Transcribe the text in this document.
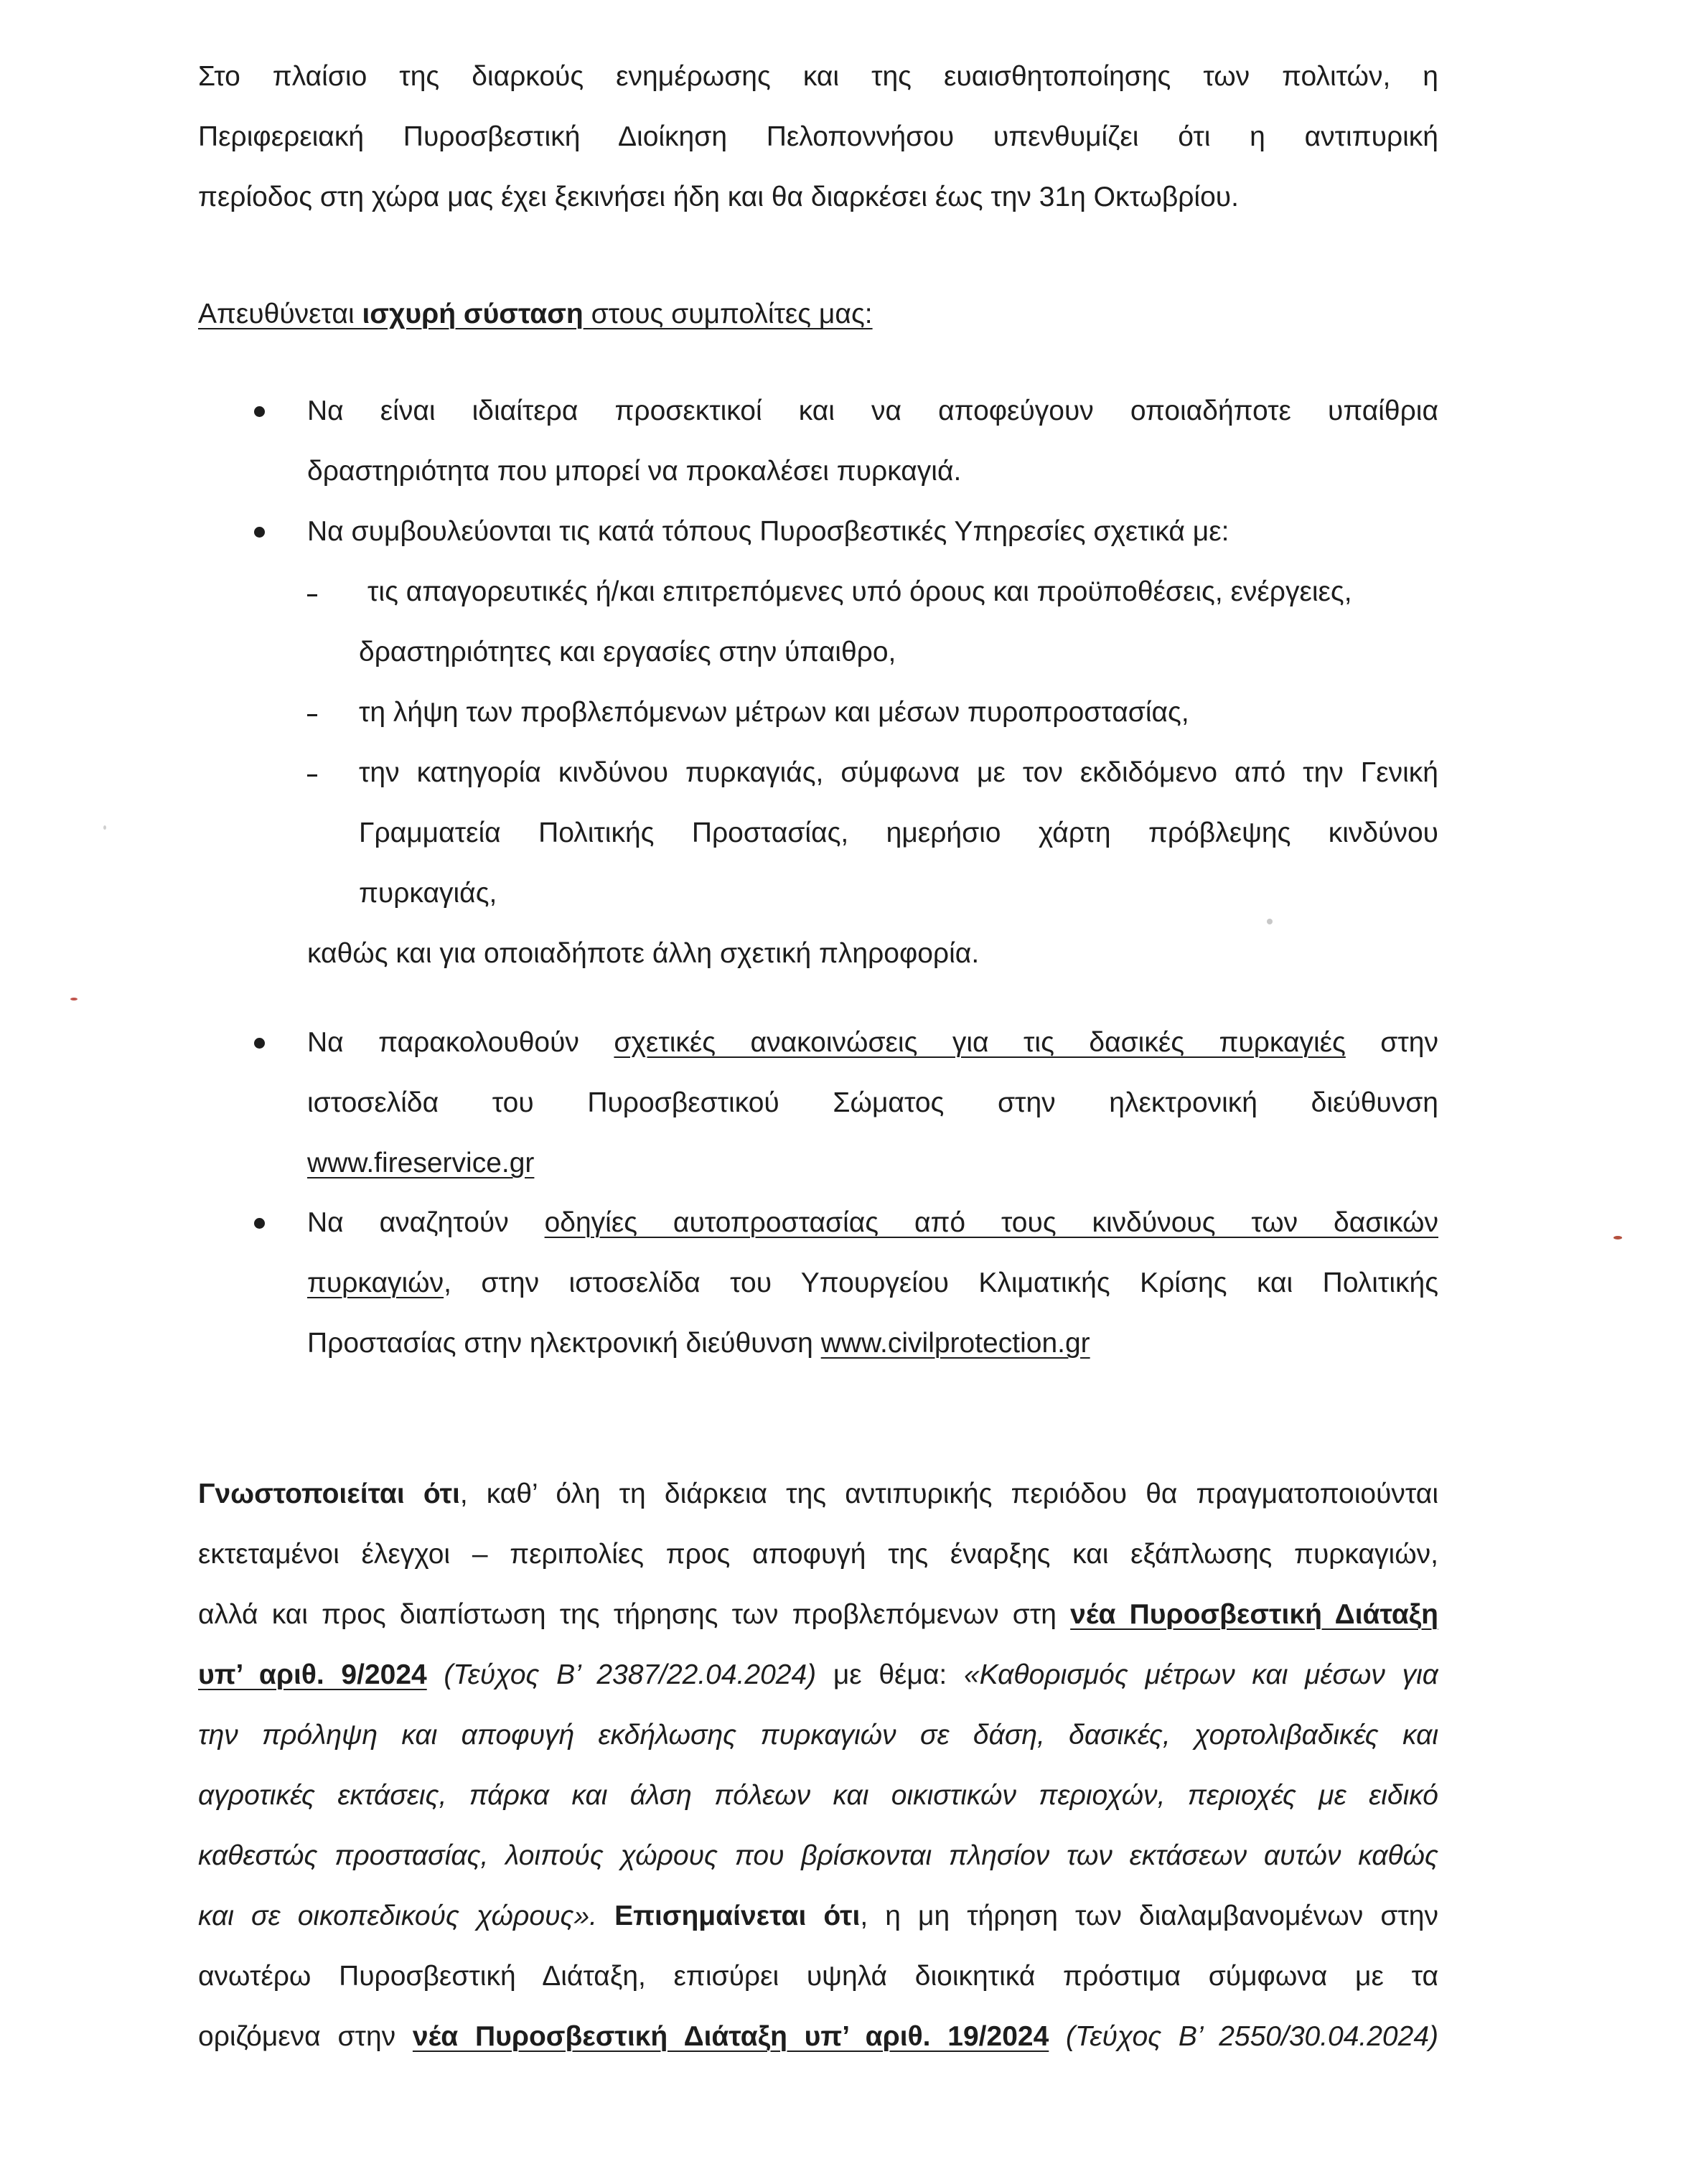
Στο πλαίσιο της διαρκούς ενημέρωσης και της ευαισθητοποίησης των πολιτών, η
Περιφερειακή Πυροσβεστική Διοίκηση Πελοποννήσου υπενθυμίζει ότι η αντιπυρική
περίοδος στη χώρα μας έχει ξεκινήσει ήδη και θα διαρκέσει έως την 31η Οκτωβρίου.
Απευθύνεται ισχυρή σύσταση στους συμπολίτες μας:
Να είναι ιδιαίτερα προσεκτικοί και να αποφεύγουν οποιαδήποτε υπαίθρια
δραστηριότητα που μπορεί να προκαλέσει πυρκαγιά.
Να συμβουλεύονται τις κατά τόπους Πυροσβεστικές Υπηρεσίες σχετικά με:
τις απαγορευτικές ή/και επιτρεπόμενες υπό όρους και προϋποθέσεις, ενέργειες,
δραστηριότητες και εργασίες στην ύπαιθρο,
τη λήψη των προβλεπόμενων μέτρων και μέσων πυροπροστασίας,
την κατηγορία κινδύνου πυρκαγιάς, σύμφωνα με τον εκδιδόμενο από την Γενική
Γραμματεία Πολιτικής Προστασίας, ημερήσιο χάρτη πρόβλεψης κινδύνου
πυρκαγιάς,
καθώς και για οποιαδήποτε άλλη σχετική πληροφορία.
Να παρακολουθούν σχετικές ανακοινώσεις για τις δασικές πυρκαγιές στην
ιστοσελίδα του Πυροσβεστικού Σώματος στην ηλεκτρονική διεύθυνση
www.fireservice.gr
Να αναζητούν οδηγίες αυτοπροστασίας από τους κινδύνους των δασικών
πυρκαγιών, στην ιστοσελίδα του Υπουργείου Κλιματικής Κρίσης και Πολιτικής
Προστασίας στην ηλεκτρονική διεύθυνση www.civilprotection.gr
Γνωστοποιείται ότι, καθ’ όλη τη διάρκεια της αντιπυρικής περιόδου θα πραγματοποιούνται
εκτεταμένοι έλεγχοι – περιπολίες προς αποφυγή της έναρξης και εξάπλωσης πυρκαγιών,
αλλά και προς διαπίστωση της τήρησης των προβλεπόμενων στη νέα Πυροσβεστική Διάταξη
υπ’ αριθ. 9/2024 (Τεύχος Β’ 2387/22.04.2024) με θέμα: «Καθορισμός μέτρων και μέσων για
την πρόληψη και αποφυγή εκδήλωσης πυρκαγιών σε δάση, δασικές, χορτολιβαδικές και
αγροτικές εκτάσεις, πάρκα και άλση πόλεων και οικιστικών περιοχών, περιοχές με ειδικό
καθεστώς προστασίας, λοιπούς χώρους που βρίσκονται πλησίον των εκτάσεων αυτών καθώς
και σε οικοπεδικούς χώρους». Επισημαίνεται ότι, η μη τήρηση των διαλαμβανομένων στην
ανωτέρω Πυροσβεστική Διάταξη, επισύρει υψηλά διοικητικά πρόστιμα σύμφωνα με τα
οριζόμενα στην νέα Πυροσβεστική Διάταξη υπ’ αριθ. 19/2024 (Τεύχος Β’ 2550/30.04.2024)
